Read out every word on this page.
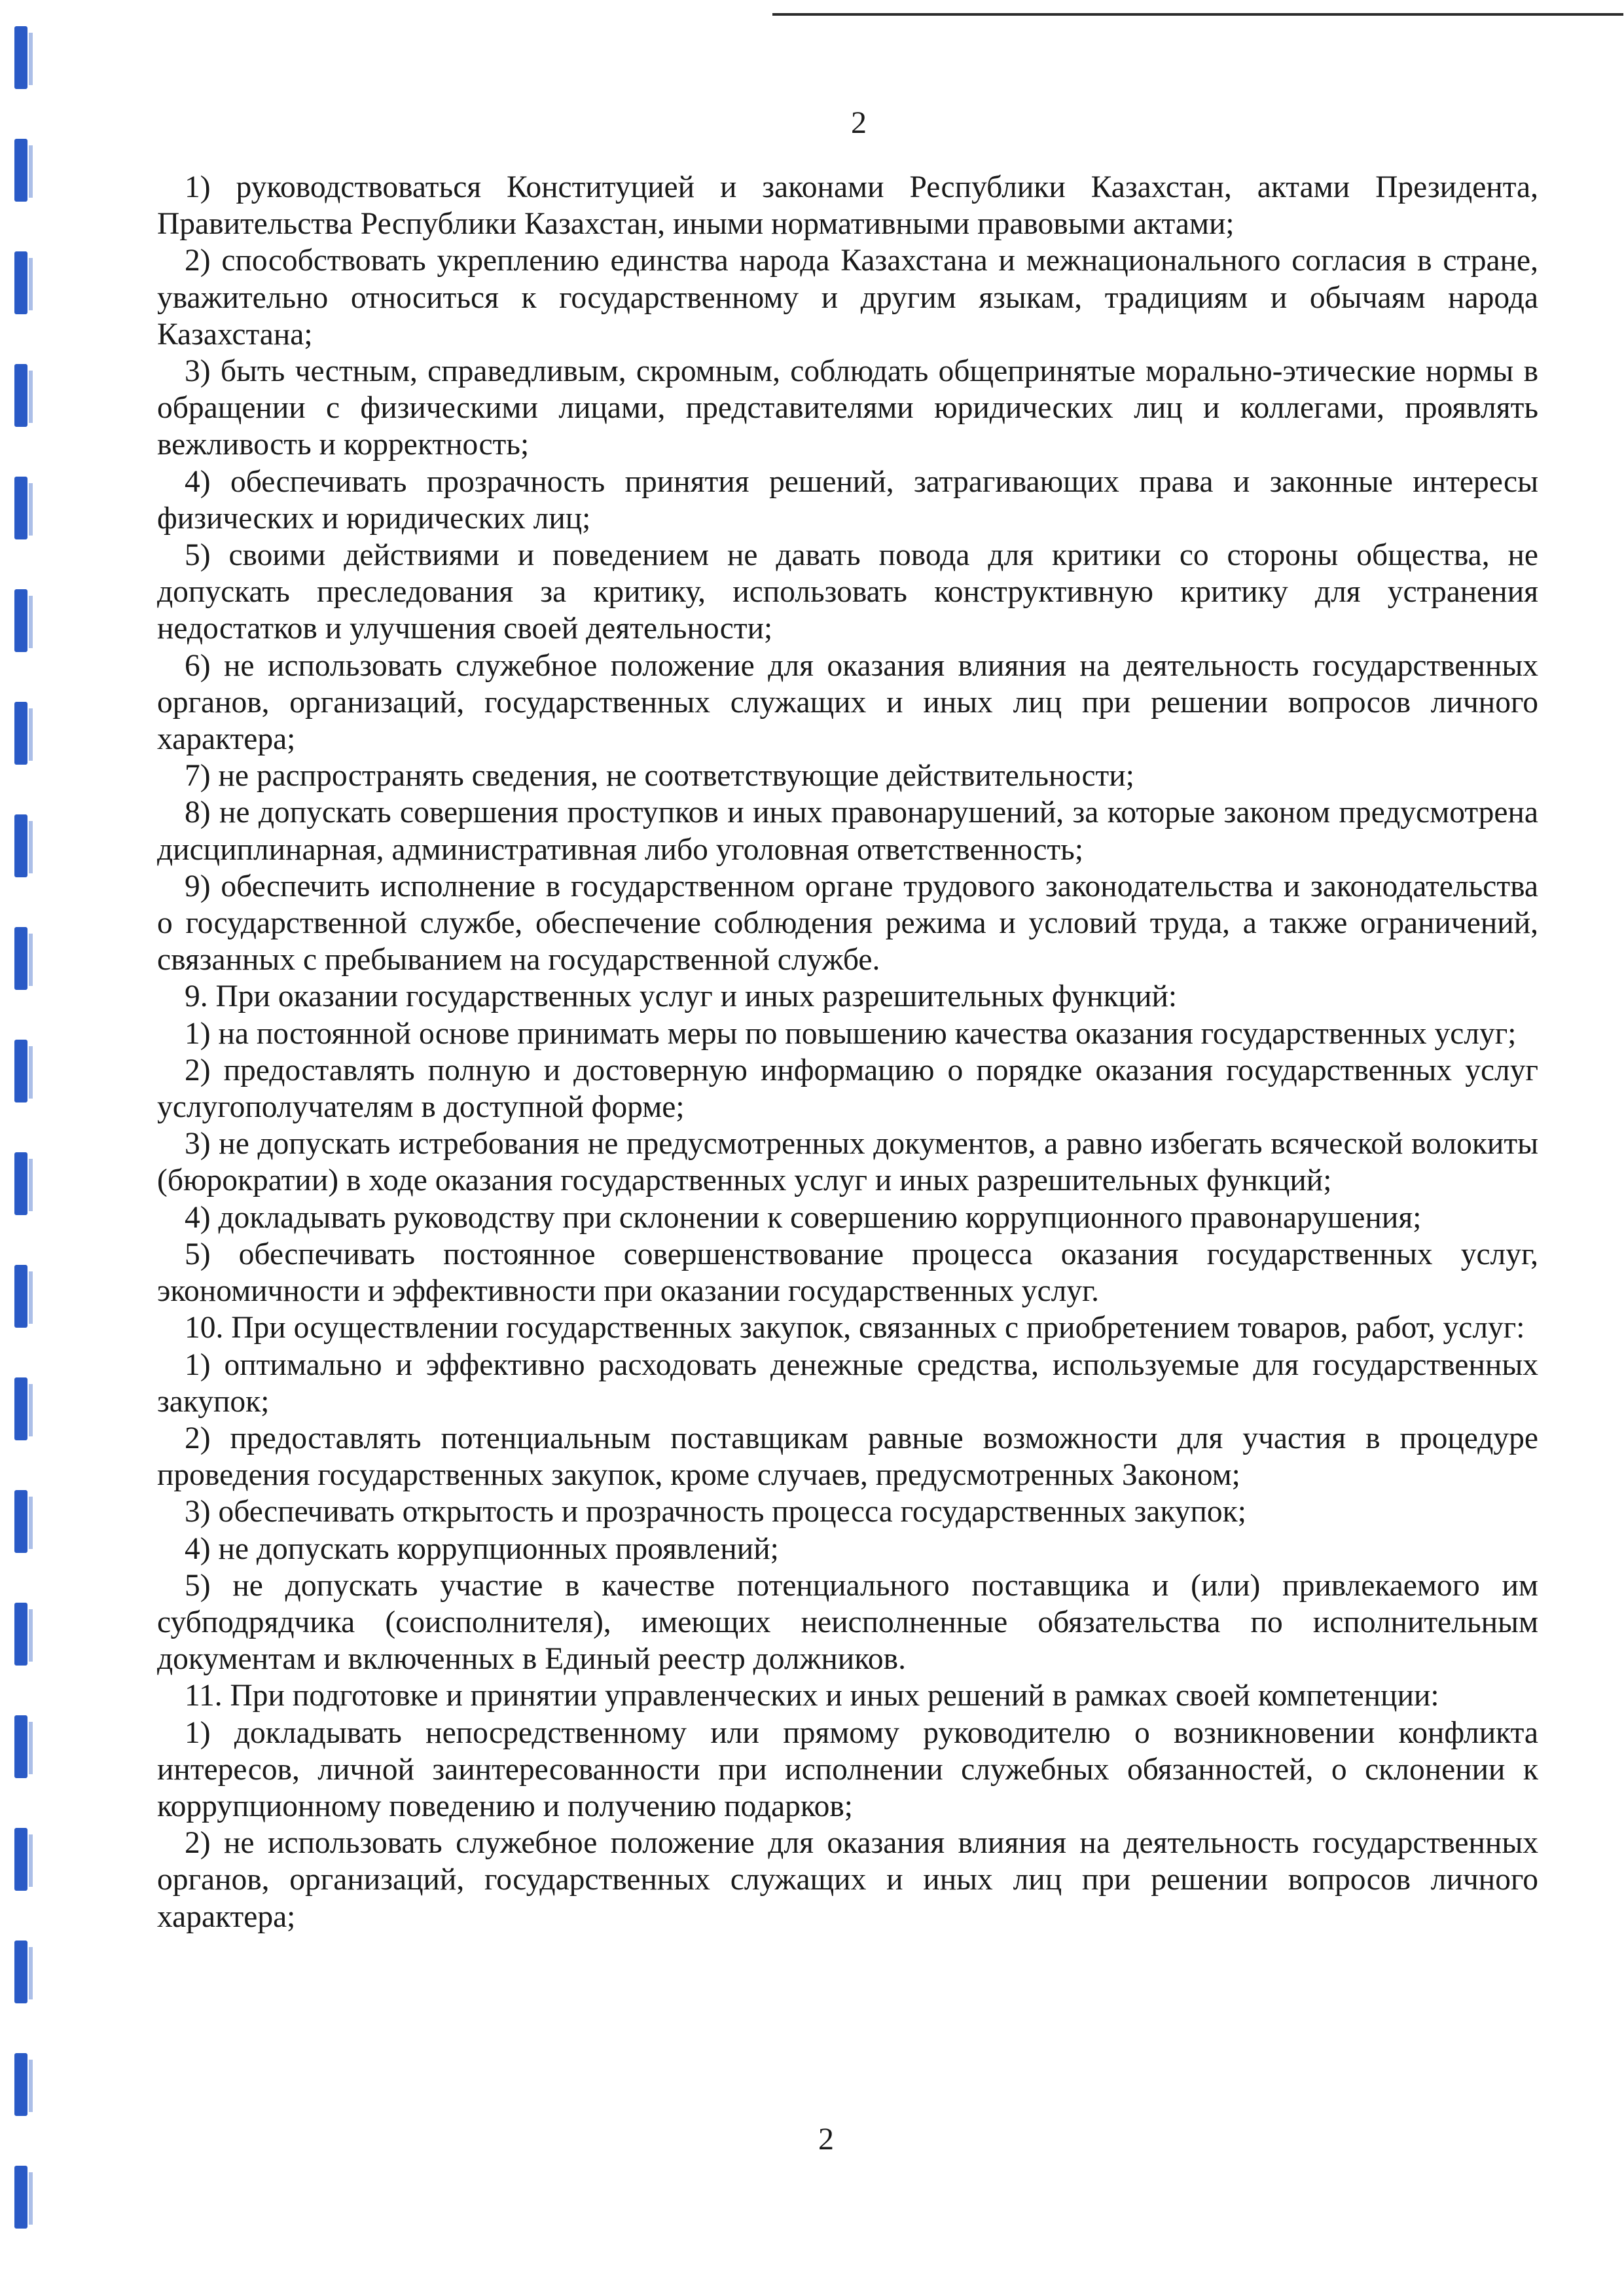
2

1) руководствоваться Конституцией и законами Республики Казахстан, актами Президента, Правительства Республики Казахстан, иными нормативными правовыми актами;

2) способствовать укреплению единства народа Казахстана и межнационального согласия в стране, уважительно относиться к государственному и другим языкам, традициям и обычаям народа Казахстана;

3) быть честным, справедливым, скромным, соблюдать общепринятые морально-этические нормы в обращении с физическими лицами, представителями юридических лиц и коллегами, проявлять вежливость и корректность;

4) обеспечивать прозрачность принятия решений, затрагивающих права и законные интересы физических и юридических лиц;

5) своими действиями и поведением не давать повода для критики со стороны общества, не допускать преследования за критику, использовать конструктивную критику для устранения недостатков и улучшения своей деятельности;

6) не использовать служебное положение для оказания влияния на деятельность государственных органов, организаций, государственных служащих и иных лиц при решении вопросов личного характера;

7) не распространять сведения, не соответствующие действительности;

8) не допускать совершения проступков и иных правонарушений, за которые законом предусмотрена дисциплинарная, административная либо уголовная ответственность;

9) обеспечить исполнение в государственном органе трудового законодательства и законодательства о государственной службе, обеспечение соблюдения режима и условий труда, а также ограничений, связанных с пребыванием на государственной службе.

9. При оказании государственных услуг и иных разрешительных функций:

1) на постоянной основе принимать меры по повышению качества оказания государственных услуг;

2) предоставлять полную и достоверную информацию о порядке оказания государственных услуг услугополучателям в доступной форме;

3) не допускать истребования не предусмотренных документов, а равно избегать всяческой волокиты (бюрократии) в ходе оказания государственных услуг и иных разрешительных функций;

4) докладывать руководству при склонении к совершению коррупционного правонарушения;

5) обеспечивать постоянное совершенствование процесса оказания государственных услуг, экономичности и эффективности при оказании государственных услуг.

10. При осуществлении государственных закупок, связанных с приобретением товаров, работ, услуг:

1) оптимально и эффективно расходовать денежные средства, используемые для государственных закупок;

2) предоставлять потенциальным поставщикам равные возможности для участия в процедуре проведения государственных закупок, кроме случаев, предусмотренных Законом;

3) обеспечивать открытость и прозрачность процесса государственных закупок;

4) не допускать коррупционных проявлений;

5) не допускать участие в качестве потенциального поставщика и (или) привлекаемого им субподрядчика (соисполнителя), имеющих неисполненные обязательства по исполнительным документам и включенных в Единый реестр должников.

11. При подготовке и принятии управленческих и иных решений в рамках своей компетенции:

1) докладывать непосредственному или прямому руководителю о возникновении конфликта интересов, личной заинтересованности при исполнении служебных обязанностей, о склонении к коррупционному поведению и получению подарков;

2) не использовать служебное положение для оказания влияния на деятельность государственных органов, организаций, государственных служащих и иных лиц при решении вопросов личного характера;

2
